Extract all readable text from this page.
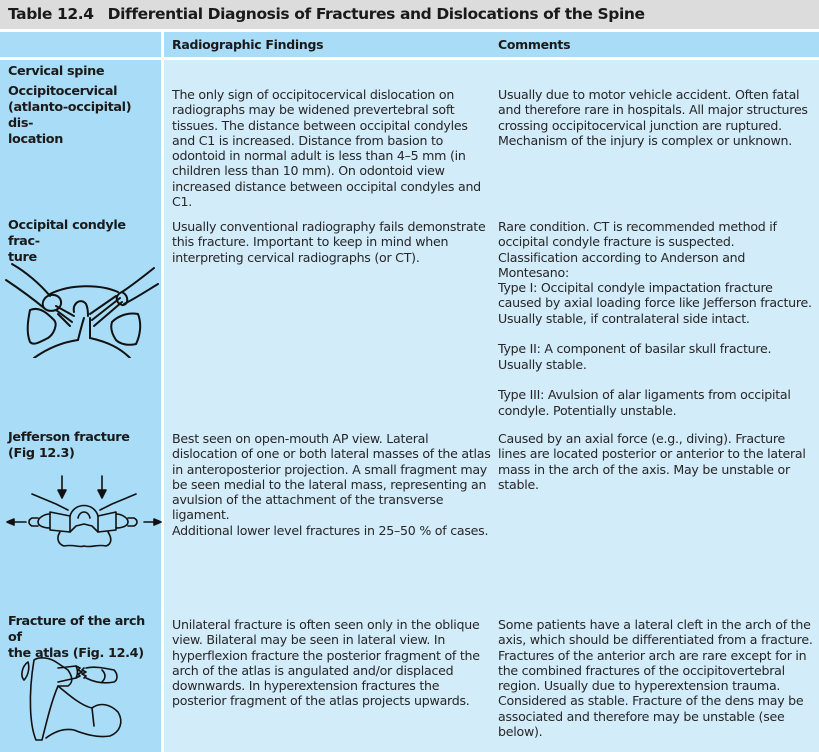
Table 12.4 Differential Diagnosis of Fractures and Dislocations of the Spine
Radiographic Findings	Comments
Cervical spine
Occipitocervical
(atlanto-occipital) dis-
location

The only sign of occipitocervical dislocation on radiographs may be widened prevertebral soft tissues. The distance between occipital condyles and C1 is increased. Distance from basion to odontoid in normal adult is less than 4–5 mm (in children less than 10 mm). On odontoid view increased distance between occipital condyles and C1.

Usually due to motor vehicle accident. Often fatal and therefore rare in hospitals. All major structures crossing occipitocervical junction are ruptured. Mechanism of the injury is complex or unknown.

Occipital condyle frac-
ture

Usually conventional radiography fails demonstrate this fracture. Important to keep in mind when interpreting cervical radiographs (or CT).

Rare condition. CT is recommended method if occipital condyle fracture is suspected. Classification according to Anderson and Montesano:

Type I: Occipital condyle impactation fracture caused by axial loading force like Jefferson fracture. Usually stable, if contralateral side intact.

Type II: A component of basilar skull fracture. Usually stable.

Type III: Avulsion of alar ligaments from occipital condyle. Potentially unstable.

Jefferson fracture
(Fig 12.3)

Best seen on open-mouth AP view. Lateral dislocation of one or both lateral masses of the atlas in anteroposterior projection. A small fragment may be seen medial to the lateral mass, representing an avulsion of the attachment of the transverse ligament.

Additional lower level fractures in 25–50 % of cases.

Caused by an axial force (e.g., diving). Fracture lines are located posterior or anterior to the lateral mass in the arch of the axis. May be unstable or stable.

Fracture of the arch of
the atlas (Fig. 12.4)

Unilateral fracture is often seen only in the oblique view. Bilateral may be seen in lateral view. In hyperflexion fracture the posterior fragment of the arch of the atlas is angulated and/or displaced downwards. In hyperextension fractures the posterior fragment of the atlas projects upwards.

Some patients have a lateral cleft in the arch of the axis, which should be differentiated from a fracture. Fractures of the anterior arch are rare except for in the combined fractures of the occipitovertebral region. Usually due to hyperextension trauma. Considered as stable. Fracture of the dens may be associated and therefore may be unstable (see below).
